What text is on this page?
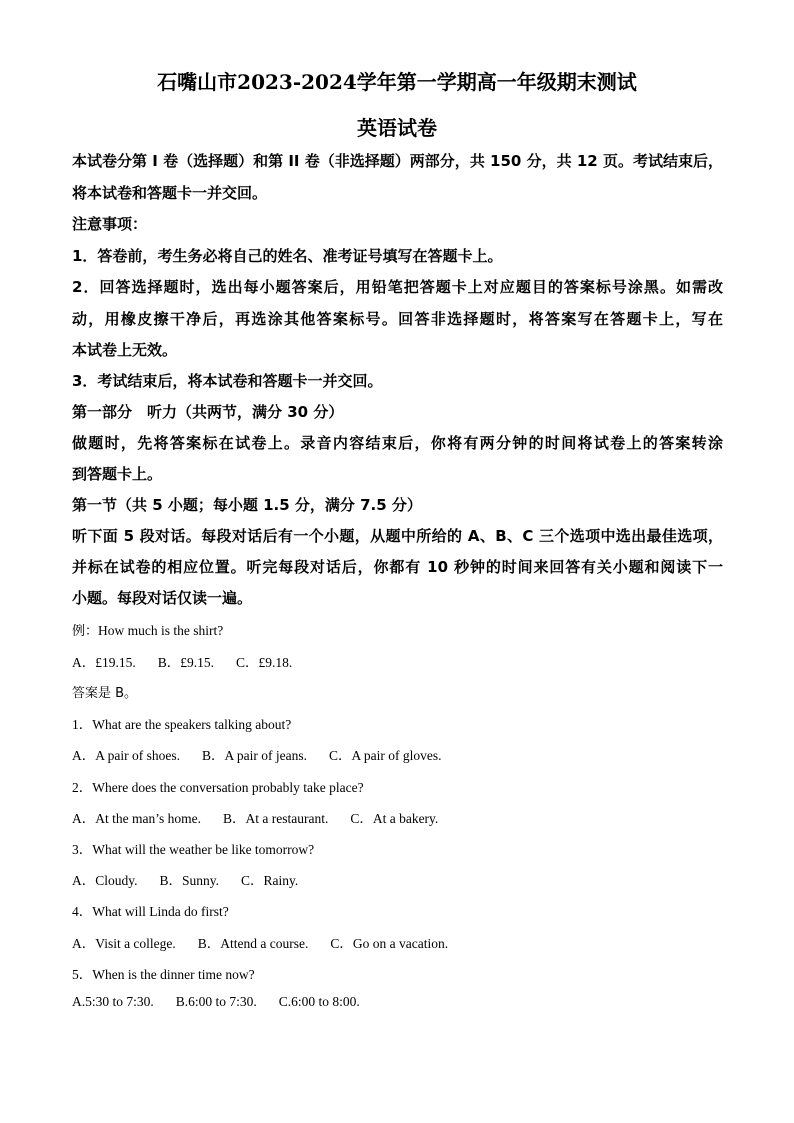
石嘴山市2023-2024学年第一学期高一年级期末测试
英语试卷
本试卷分第 I 卷（选择题）和第 II 卷（非选择题）两部分，共 150 分，共 12 页。考试结束后，
将本试卷和答题卡一并交回。
注意事项：
1．答卷前，考生务必将自己的姓名、准考证号填写在答题卡上。
2．回答选择题时，选出每小题答案后，用铅笔把答题卡上对应题目的答案标号涂黑。如需改
动，用橡皮擦干净后，再选涂其他答案标号。回答非选择题时，将答案写在答题卡上，写在
本试卷上无效。
3．考试结束后，将本试卷和答题卡一并交回。
第一部分　听力（共两节，满分 30 分）
做题时，先将答案标在试卷上。录音内容结束后，你将有两分钟的时间将试卷上的答案转涂
到答题卡上。
第一节（共 5 小题；每小题 1.5 分，满分 7.5 分）
听下面 5 段对话。每段对话后有一个小题，从题中所给的 A、B、C 三个选项中选出最佳选项，
并标在试卷的相应位置。听完每段对话后，你都有 10 秒钟的时间来回答有关小题和阅读下一
小题。每段对话仅读一遍。
例：How much is the shirt?
A．£19.15. B．£9.15. C．£9.18.
答案是 B。
1．What are the speakers talking about?
A．A pair of shoes. B．A pair of jeans. C．A pair of gloves.
2．Where does the conversation probably take place?
A．At the man’s home. B．At a restaurant. C．At a bakery.
3．What will the weather be like tomorrow?
A．Cloudy. B．Sunny. C．Rainy.
4．What will Linda do first?
A．Visit a college. B．Attend a course. C．Go on a vacation.
5．When is the dinner time now?
A.5:30 to 7:30. B.6:00 to 7:30. C.6:00 to 8:00.
